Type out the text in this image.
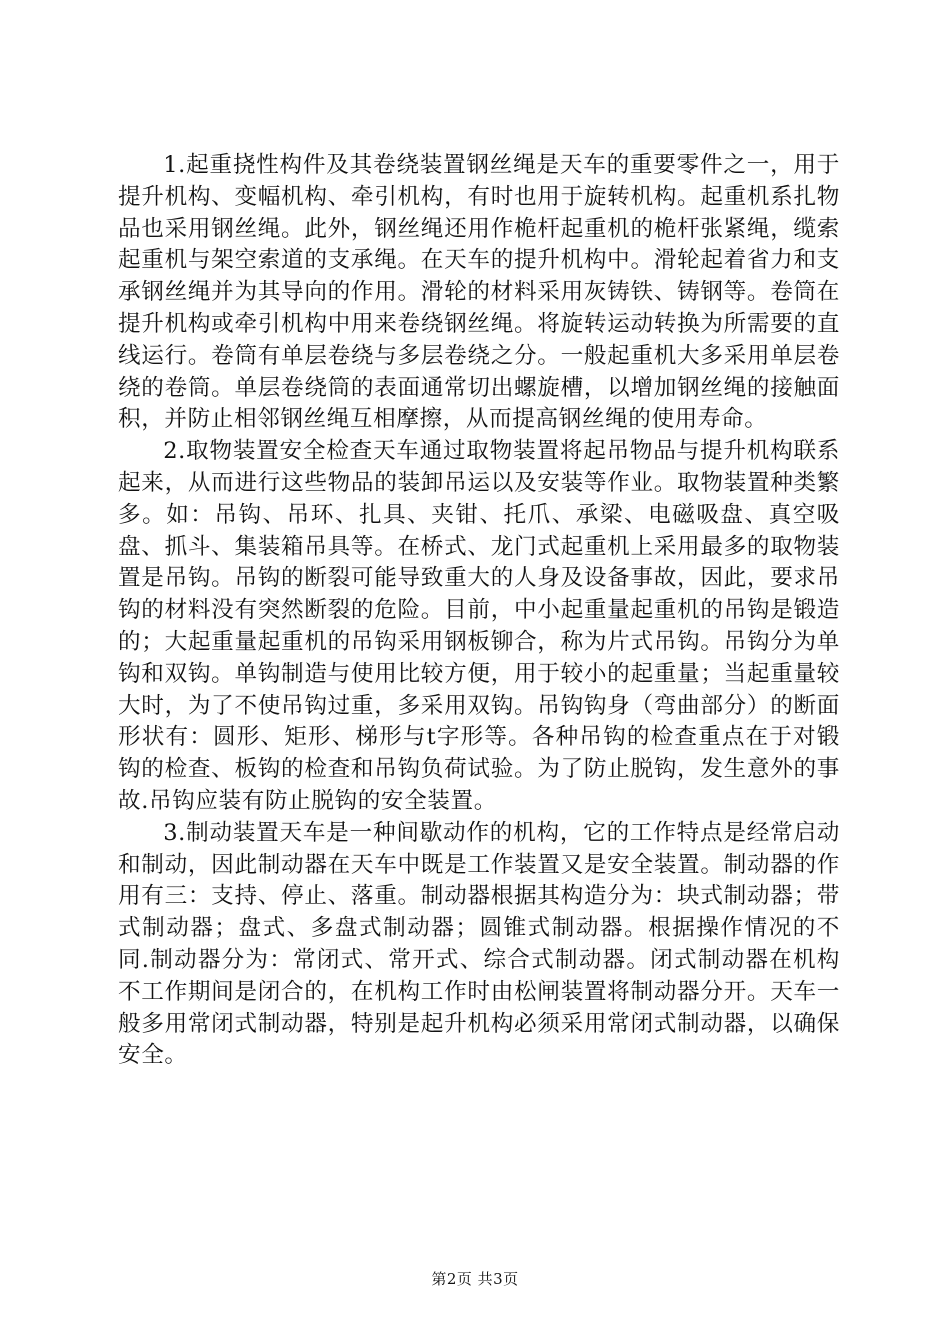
1.起重挠性构件及其卷绕装置钢丝绳是天车的重要零件之一，用于提升机构、变幅机构、牵引机构，有时也用于旋转机构。起重机系扎物品也采用钢丝绳。此外，钢丝绳还用作桅杆起重机的桅杆张紧绳，缆索起重机与架空索道的支承绳。在天车的提升机构中。滑轮起着省力和支承钢丝绳并为其导向的作用。滑轮的材料采用灰铸铁、铸钢等。卷筒在提升机构或牵引机构中用来卷绕钢丝绳。将旋转运动转换为所需要的直线运行。卷筒有单层卷绕与多层卷绕之分。一般起重机大多采用单层卷绕的卷筒。单层卷绕筒的表面通常切出螺旋槽，以增加钢丝绳的接触面积，并防止相邻钢丝绳互相摩擦，从而提高钢丝绳的使用寿命。

2.取物装置安全检查天车通过取物装置将起吊物品与提升机构联系起来，从而进行这些物品的装卸吊运以及安装等作业。取物装置种类繁多。如：吊钩、吊环、扎具、夹钳、托爪、承梁、电磁吸盘、真空吸盘、抓斗、集装箱吊具等。在桥式、龙门式起重机上采用最多的取物装置是吊钩。吊钩的断裂可能导致重大的人身及设备事故，因此，要求吊钩的材料没有突然断裂的危险。目前，中小起重量起重机的吊钩是锻造的；大起重量起重机的吊钩采用钢板铆合，称为片式吊钩。吊钩分为单钩和双钩。单钩制造与使用比较方便，用于较小的起重量；当起重量较大时，为了不使吊钩过重，多采用双钩。吊钩钩身（弯曲部分）的断面形状有：圆形、矩形、梯形与t字形等。各种吊钩的检查重点在于对锻钩的检查、板钩的检查和吊钩负荷试验。为了防止脱钩，发生意外的事故.吊钩应装有防止脱钩的安全装置。

3.制动装置天车是一种间歇动作的机构，它的工作特点是经常启动和制动，因此制动器在天车中既是工作装置又是安全装置。制动器的作用有三：支持、停止、落重。制动器根据其构造分为：块式制动器；带式制动器；盘式、多盘式制动器；圆锥式制动器。根据操作情况的不同.制动器分为：常闭式、常开式、综合式制动器。闭式制动器在机构不工作期间是闭合的，在机构工作时由松闸装置将制动器分开。天车一般多用常闭式制动器，特别是起升机构必须采用常闭式制动器，以确保安全。

第2页 共3页
